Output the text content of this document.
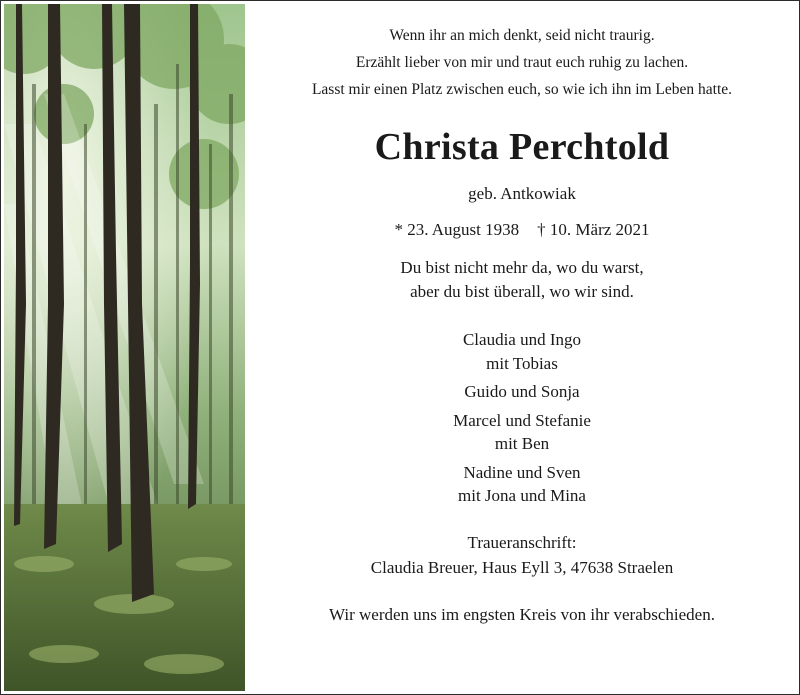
Wenn ihr an mich denkt, seid nicht traurig.
Erzählt lieber von mir und traut euch ruhig zu lachen.
Lasst mir einen Platz zwischen euch, so wie ich ihn im Leben hatte.
Christa Perchtold
geb. Antkowiak
* 23. August 1938 † 10. März 2021
Du bist nicht mehr da, wo du warst,
aber du bist überall, wo wir sind.
Claudia und Ingo
mit Tobias
Guido und Sonja
Marcel und Stefanie
mit Ben
Nadine und Sven
mit Jona und Mina
Traueranschrift:
Claudia Breuer, Haus Eyll 3, 47638 Straelen
Wir werden uns im engsten Kreis von ihr verabschieden.
